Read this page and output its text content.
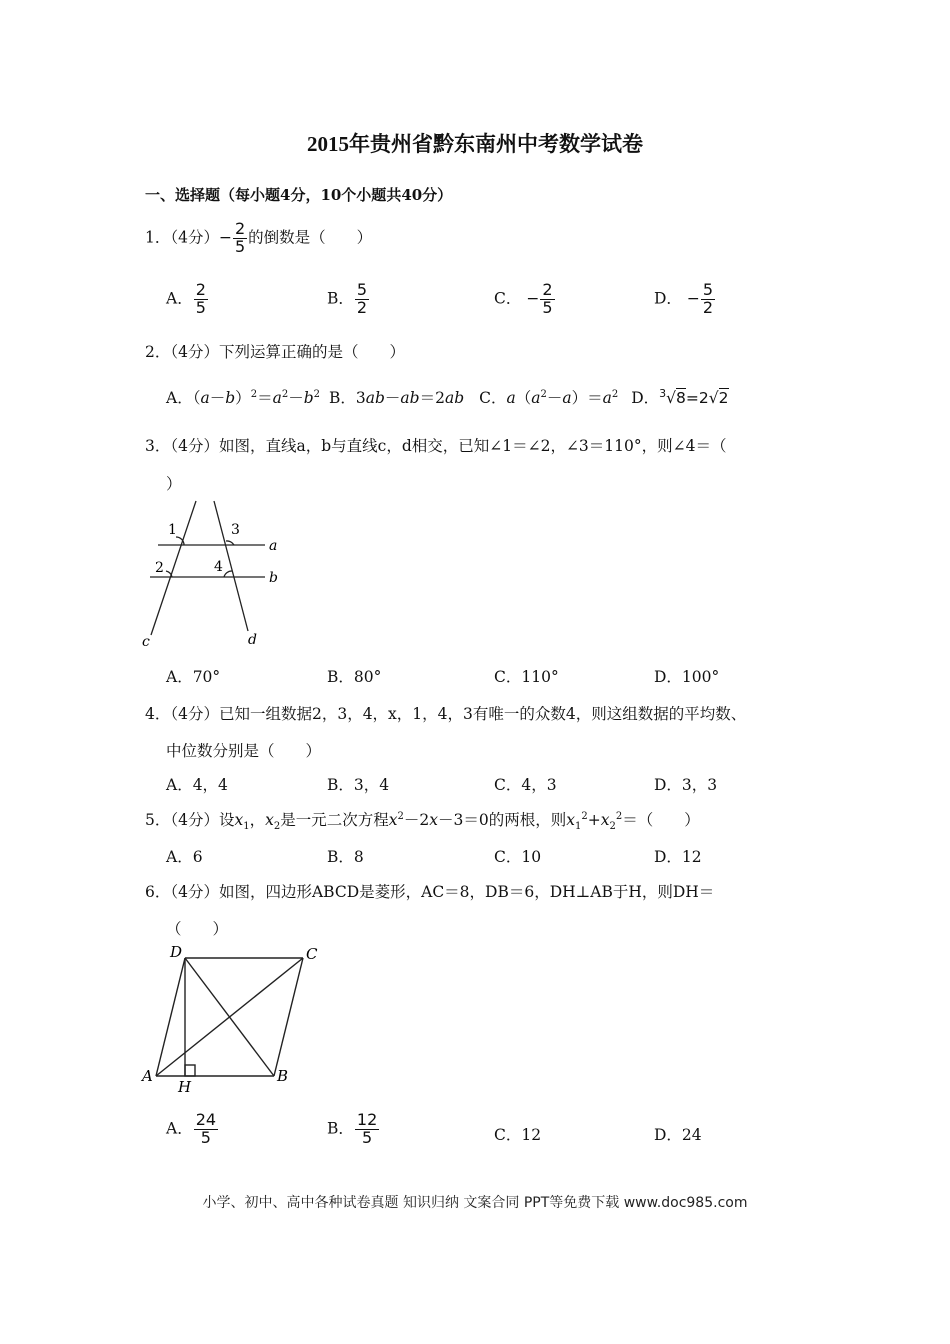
2015年贵州省黔东南州中考数学试卷
一、选择题（每小题4分，10个小题共40分）
1．（4分）− $\frac{2}{5}$ 的倒数是（　　）
A． $\frac{2}{5}$	B． $\frac{5}{2}$	C． − $\frac{2}{5}$	D． − $\frac{5}{2}$
2．（4分）下列运算正确的是（　　）
A．$(a-b)^2=a^2-b^2$ B．3ab－ab＝2ab C．$a(a^2-a)=a^2$ D．$^3$√8=2√2
3．（4分）如图，直线a，b与直线c，d相交，已知∠1＝∠2，∠3＝110°，则∠4＝（
）
1	3
2	4
a
b
c	d
A．70°	B．80°	C．110°	D．100°
4．（4分）已知一组数据2，3，4，x，1，4，3有唯一的众数4，则这组数据的平均数、
中位数分别是（　　）
A．4，4	B．3，4	C．4，3	D．3，3
5．（4分）设$x_1$，$x_2$是一元二次方程$x^2-2x-3=0$的两根，则$x_1^2+x_2^2=$（　　）
A．6	B．8	C．10	D．12
6．（4分）如图，四边形ABCD是菱形，AC＝8，DB＝6，DH⊥AB于H，则DH＝
（　　）
D	C
A	B
H
A． $\frac{24}{5}$	B． $\frac{12}{5}$	C．12	D．24
小学、初中、高中各种试卷真题 知识归纳 文案合同 PPT等免费下载 www.doc985.com
